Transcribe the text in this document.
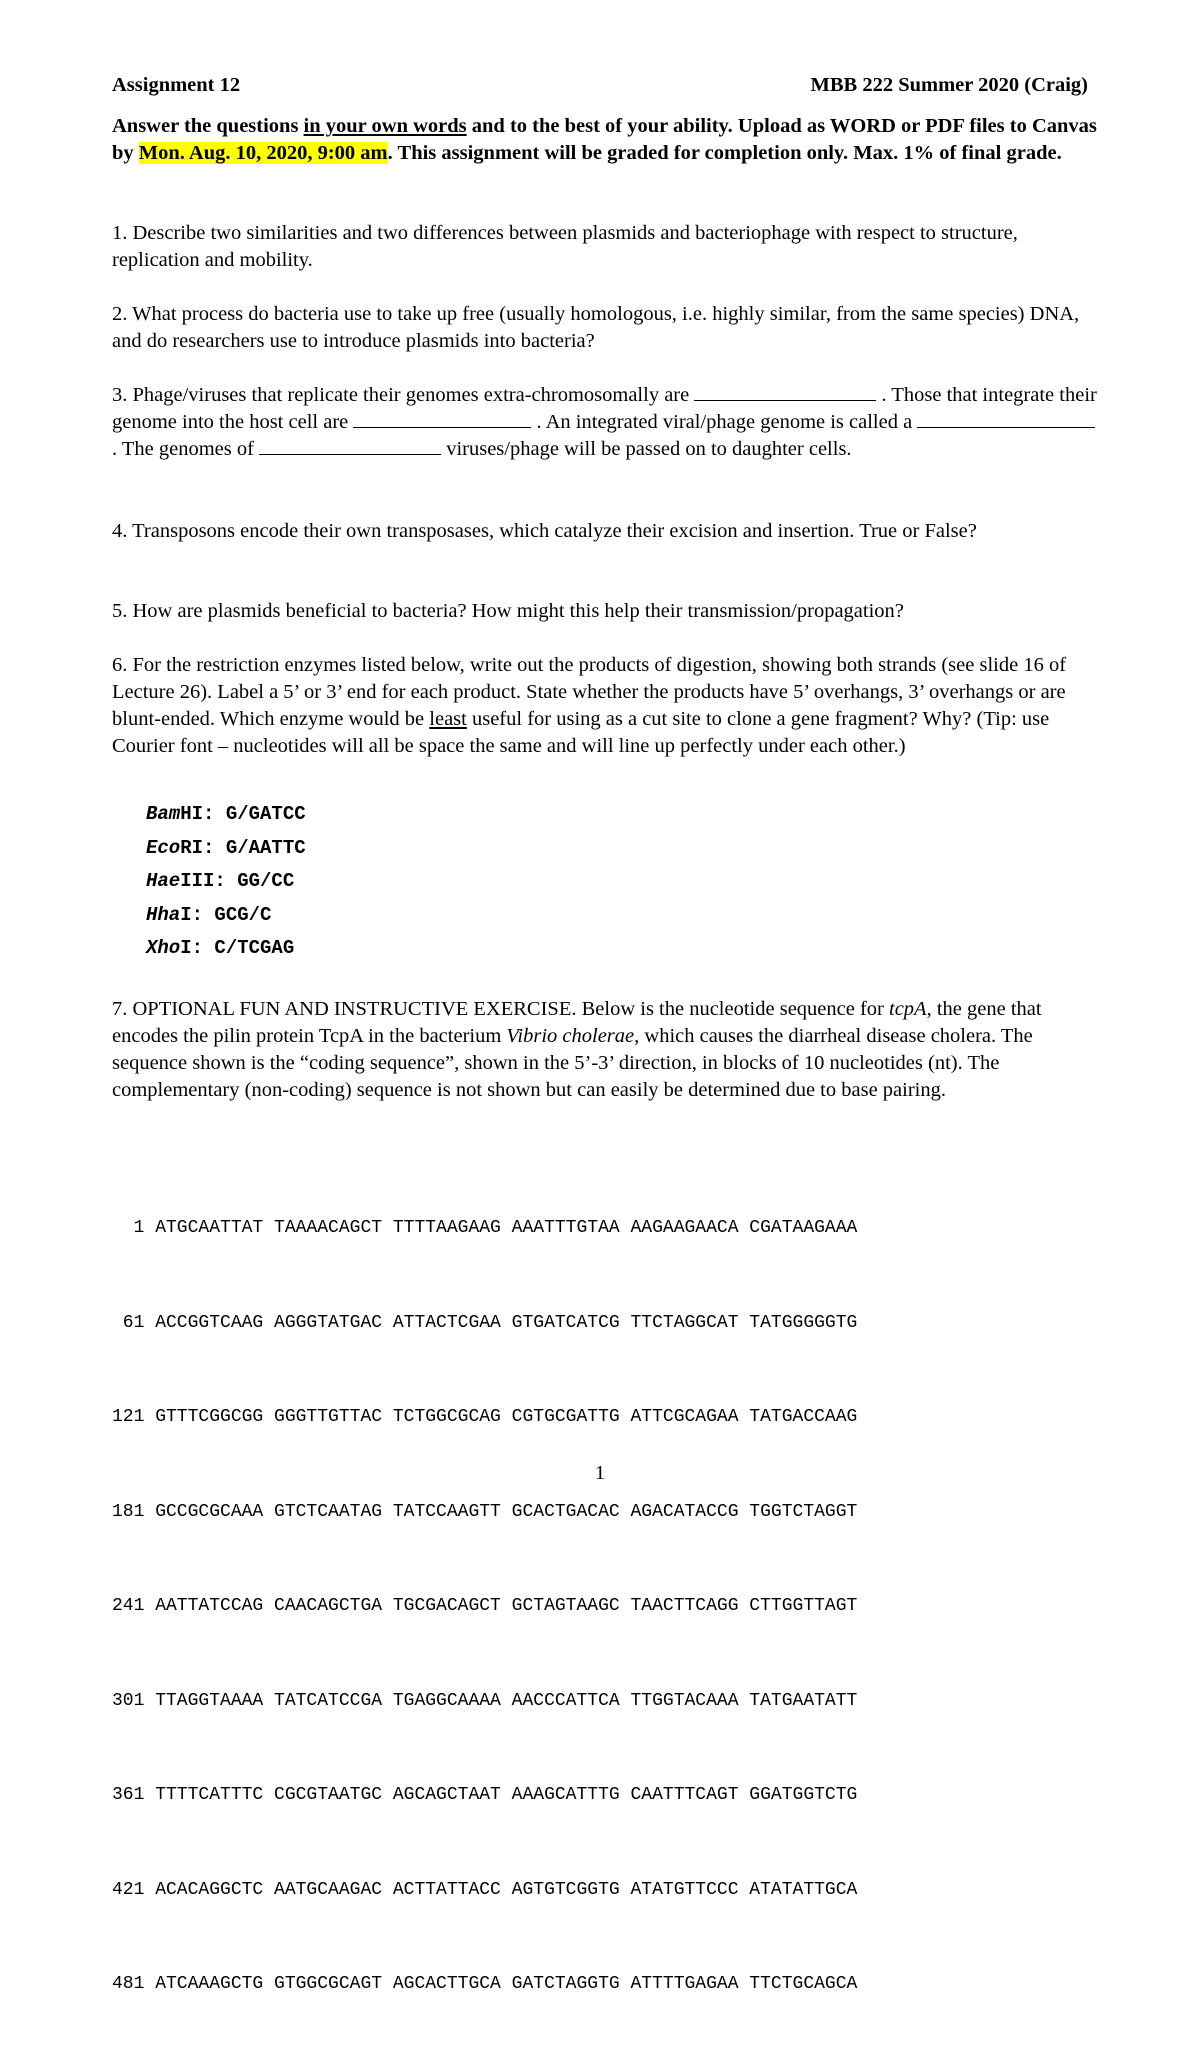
Assignment 12	MBB 222 Summer 2020 (Craig)

Answer the questions in your own words and to the best of your ability. Upload as WORD or PDF files to Canvas by Mon. Aug. 10, 2020, 9:00 am. This assignment will be graded for completion only. Max. 1% of final grade.

1. Describe two similarities and two differences between plasmids and bacteriophage with respect to structure, replication and mobility.

2. What process do bacteria use to take up free (usually homologous, i.e. highly similar, from the same species) DNA, and do researchers use to introduce plasmids into bacteria?

3. Phage/viruses that replicate their genomes extra-chromosomally are	. Those that integrate their genome into the host cell are	. An integrated viral/phage genome is called a  . The genomes of	viruses/phage will be passed on to daughter cells.

4. Transposons encode their own transposases, which catalyze their excision and insertion. True or False?

5. How are plasmids beneficial to bacteria? How might this help their transmission/propagation?

6. For the restriction enzymes listed below, write out the products of digestion, showing both strands (see slide 16 of Lecture 26). Label a 5’ or 3’ end for each product. State whether the products have 5’ overhangs, 3’ overhangs or are blunt-ended. Which enzyme would be least useful for using as a cut site to clone a gene fragment? Why? (Tip: use Courier font – nucleotides will all be space the same and will line up perfectly under each other.)

BamHI: G/GATCC
EcoRI: G/AATTC
HaeIII: GG/CC
HhaI: GCG/C
XhoI: C/TCGAG

7. OPTIONAL FUN AND INSTRUCTIVE EXERCISE. Below is the nucleotide sequence for tcpA, the gene that encodes the pilin protein TcpA in the bacterium Vibrio cholerae, which causes the diarrheal disease cholera. The sequence shown is the “coding sequence”, shown in the 5’-3’ direction, in blocks of 10 nucleotides (nt). The complementary (non-coding) sequence is not shown but can easily be determined due to base pairing.

1 ATGCAATTAT TAAAACAGCT TTTTAAGAAG AAATTTGTAA AAGAAGAACA CGATAAGAAA

61 ACCGGTCAAG AGGGTATGAC ATTACTCGAA GTGATCATCG TTCTAGGCAT TATGGGGGTG

121 GTTTCGGCGG GGGTTGTTAC TCTGGCGCAG CGTGCGATTG ATTCGCAGAA TATGACCAAG

181 GCCGCGCAAA GTCTCAATAG TATCCAAGTT GCACTGACAC AGACATACCG TGGTCTAGGT

241 AATTATCCAG CAACAGCTGA TGCGACAGCT GCTAGTAAGC TAACTTCAGG CTTGGTTAGT

301 TTAGGTAAAA TATCATCCGA TGAGGCAAAA AACCCATTCA TTGGTACAAA TATGAATATT

361 TTTTCATTTC CGCGTAATGC AGCAGCTAAT AAAGCATTTG CAATTTCAGT GGATGGTCTG

421 ACACAGGCTC AATGCAAGAC ACTTATTACC AGTGTCGGTG ATATGTTCCC ATATATTGCA

481 ATCAAAGCTG GTGGCGCAGT AGCACTTGCA GATCTAGGTG ATTTTGAGAA TTCTGCAGCA

1
